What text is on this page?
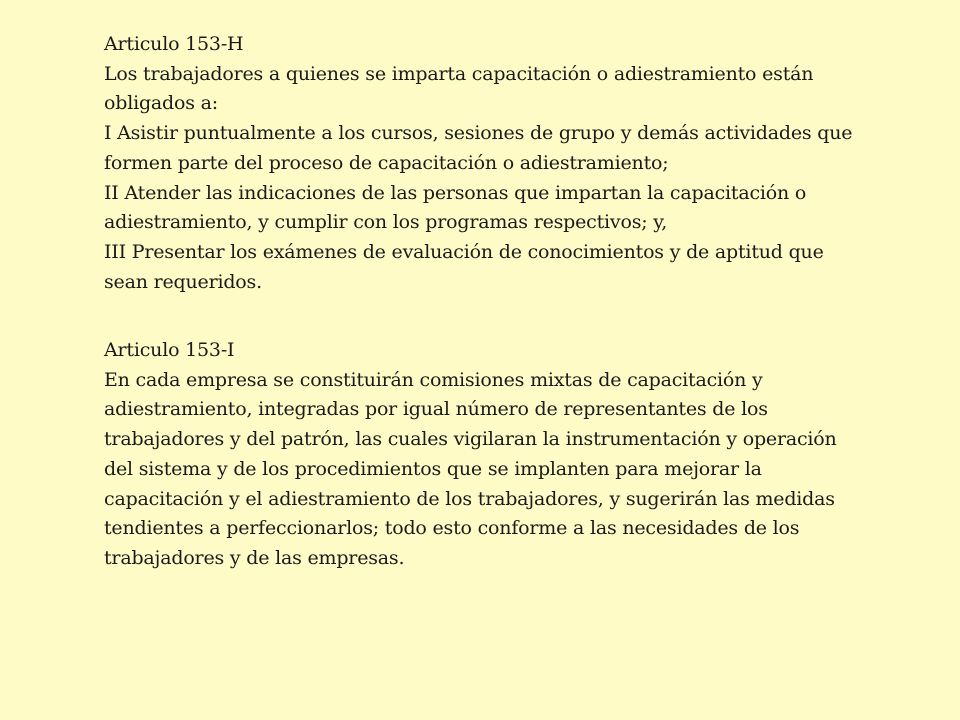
Articulo 153-H

Los trabajadores a quienes se imparta capacitación o adiestramiento están

obligados a:

I Asistir puntualmente a los cursos, sesiones de grupo y demás actividades que

formen parte del proceso de capacitación o adiestramiento;

II Atender las indicaciones de las personas que impartan la capacitación o

adiestramiento, y cumplir con los programas respectivos; y,

III Presentar los exámenes de evaluación de conocimientos y de aptitud que

sean requeridos.

Articulo 153-I

En cada empresa se constituirán comisiones mixtas de capacitación y

adiestramiento, integradas por igual número de representantes de los

trabajadores y del patrón, las cuales vigilaran la instrumentación y operación

del sistema y de los procedimientos que se implanten para mejorar la

capacitación y el adiestramiento de los trabajadores, y sugerirán las medidas

tendientes a perfeccionarlos; todo esto conforme a las necesidades de los

trabajadores y de las empresas.
